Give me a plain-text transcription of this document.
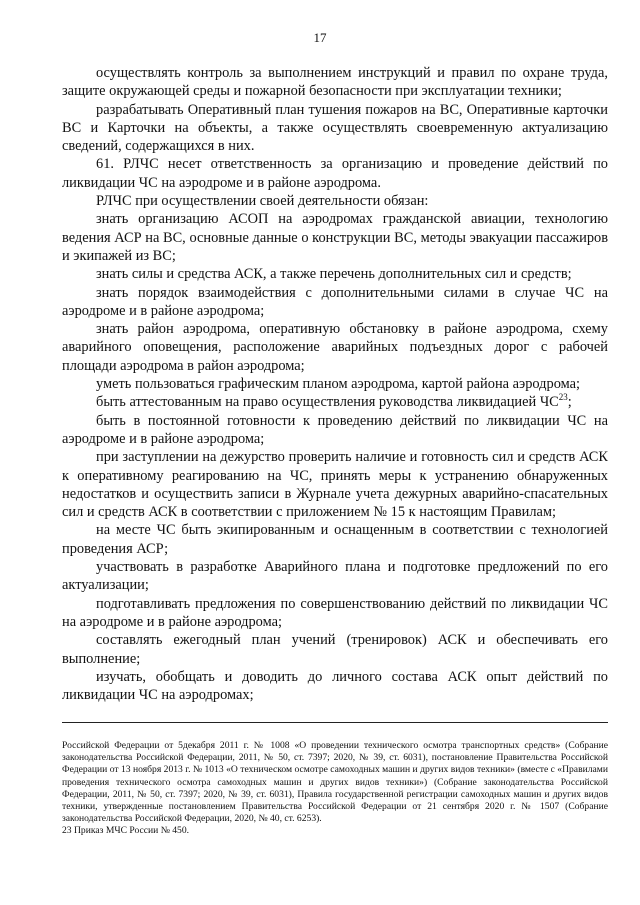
17

осуществлять контроль за выполнением инструкций и правил по охране труда, защите окружающей среды и пожарной безопасности при эксплуатации техники;

разрабатывать Оперативный план тушения пожаров на ВС, Оперативные карточки ВС и Карточки на объекты, а также осуществлять своевременную актуализацию сведений, содержащихся в них.

61. РЛЧС несет ответственность за организацию и проведение действий по ликвидации ЧС на аэродроме и в районе аэродрома.

РЛЧС при осуществлении своей деятельности обязан:

знать организацию АСОП на аэродромах гражданской авиации, технологию ведения АСР на ВС, основные данные о конструкции ВС, методы эвакуации пассажиров и экипажей из ВС;

знать силы и средства АСК, а также перечень дополнительных сил и средств;

знать порядок взаимодействия с дополнительными силами в случае ЧС на аэродроме и в районе аэродрома;

знать район аэродрома, оперативную обстановку в районе аэродрома, схему аварийного оповещения, расположение аварийных подъездных дорог с рабочей площади аэродрома в район аэродрома;

уметь пользоваться графическим планом аэродрома, картой района аэродрома;

быть аттестованным на право осуществления руководства ликвидацией ЧС$^{23}$;

быть в постоянной готовности к проведению действий по ликвидации ЧС на аэродроме и в районе аэродрома;

при заступлении на дежурство проверить наличие и готовность сил и средств АСК к оперативному реагированию на ЧС, принять меры к устранению обнаруженных недостатков и осуществить записи в Журнале учета дежурных аварийно-спасательных сил и средств АСК в соответствии с приложением № 15 к настоящим Правилам;

на месте ЧС быть экипированным и оснащенным в соответствии с технологией проведения АСР;

участвовать в разработке Аварийного плана и подготовке предложений по его актуализации;

подготавливать предложения по совершенствованию действий по ликвидации ЧС на аэродроме и в районе аэродрома;

составлять ежегодный план учений (тренировок) АСК и обеспечивать его выполнение;

изучать, обобщать и доводить до личного состава АСК опыт действий по ликвидации ЧС на аэродромах;

Российской Федерации от 5декабря 2011 г. № 1008 «О проведении технического осмотра транспортных средств» (Собрание законодательства Российской Федерации, 2011, № 50, ст. 7397; 2020, № 39, ст. 6031), постановление Правительства Российской Федерации от 13 ноября 2013 г. № 1013 «О техническом осмотре самоходных машин и других видов техники» (вместе с «Правилами проведения технического осмотра самоходных машин и других видов техники») (Собрание законодательства Российской Федерации, 2011, № 50, ст. 7397; 2020, № 39, ст. 6031), Правила государственной регистрации самоходных машин и других видов техники, утвержденные постановлением Правительства Российской Федерации от 21 сентября 2020 г. № 1507 (Собрание законодательства Российской Федерации, 2020, № 40, ст. 6253).

23 Приказ МЧС России № 450.
